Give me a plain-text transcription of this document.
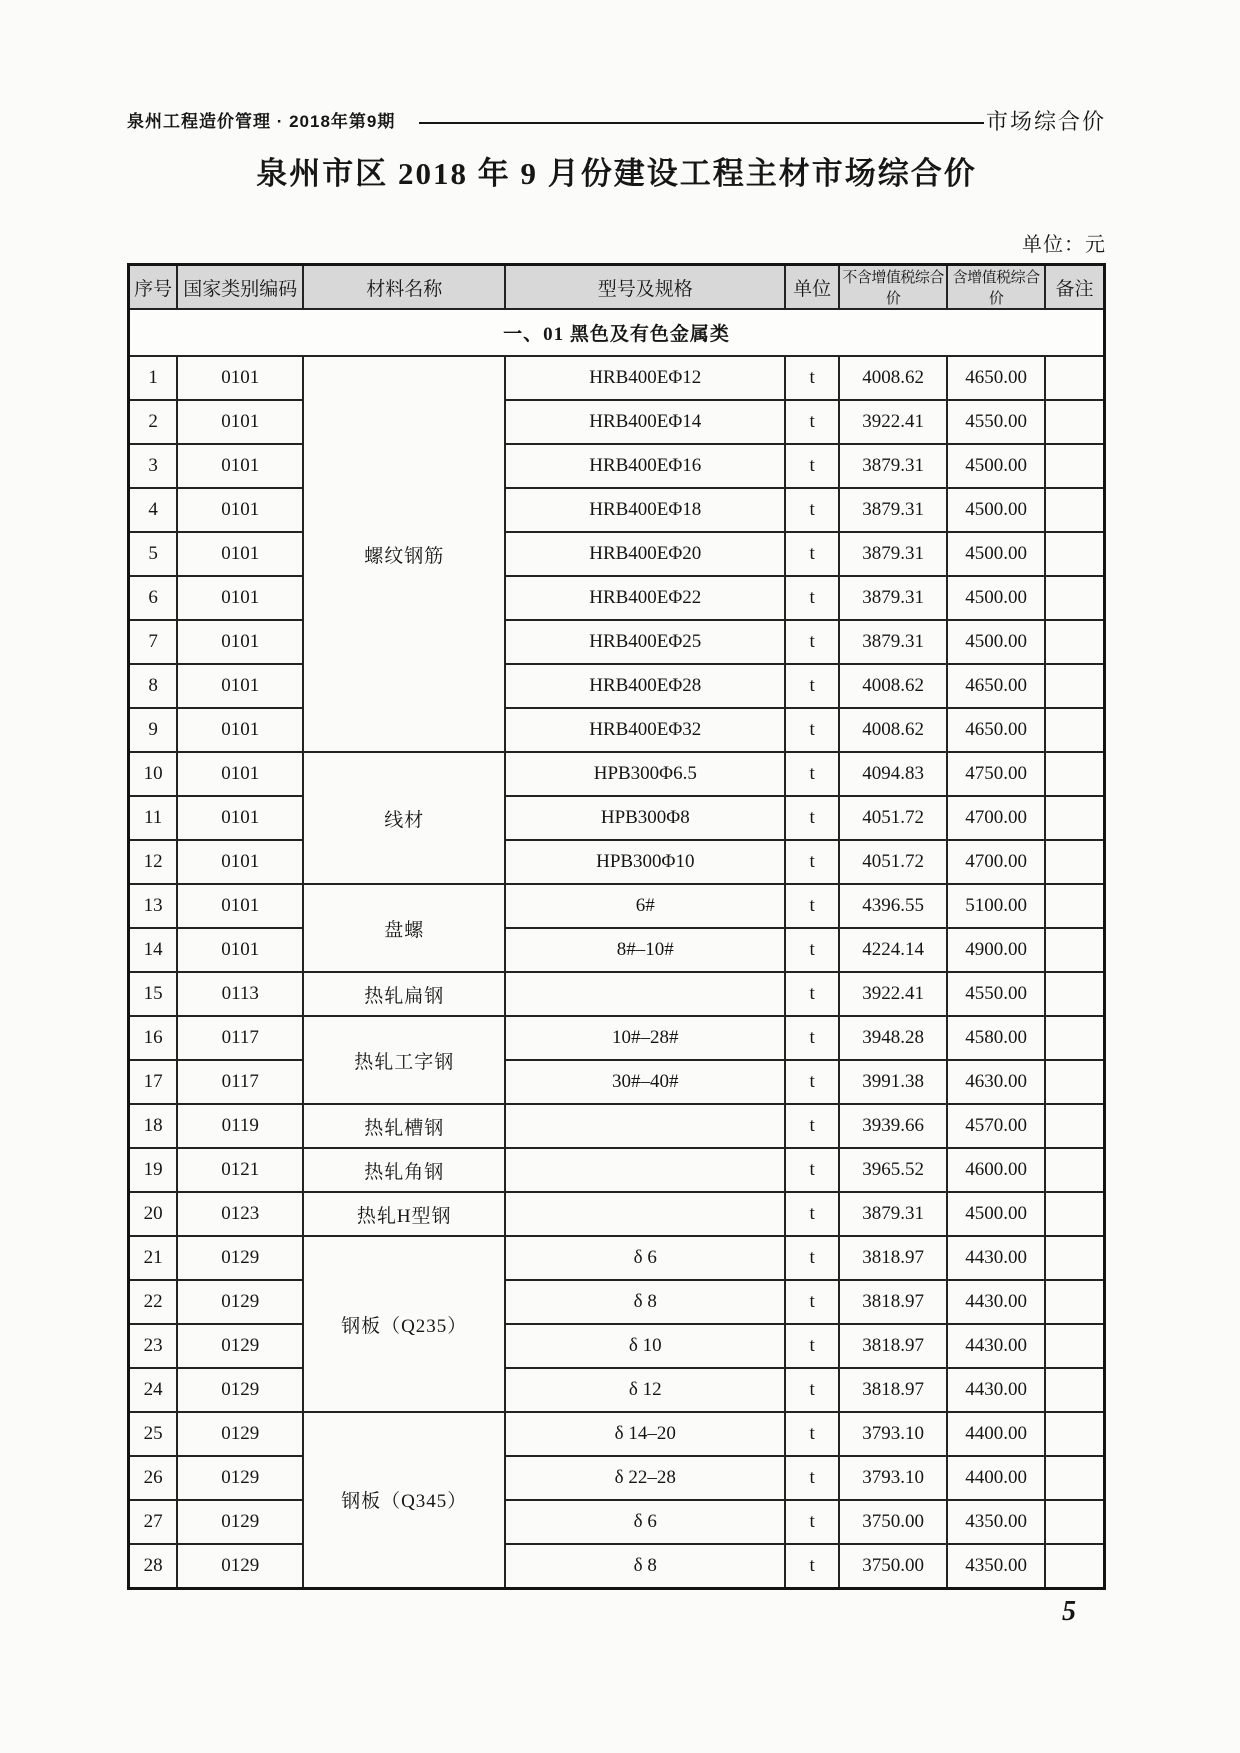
泉州工程造价管理 · 2018年第9期	市场综合价
泉州市区 2018 年 9 月份建设工程主材市场综合价
单位：元
序号	国家类别编码	材料名称	型号及规格	单位	不含增值税综合价	含增值税综合价	备注
一、01 黑色及有色金属类							
1	0101	螺纹钢筋	HRB400EΦ12	t	4008.62	4650.00	
2	0101		HRB400EΦ14	t	3922.41	4550.00	
3	0101		HRB400EΦ16	t	3879.31	4500.00	
4	0101		HRB400EΦ18	t	3879.31	4500.00	
5	0101		HRB400EΦ20	t	3879.31	4500.00	
6	0101		HRB400EΦ22	t	3879.31	4500.00	
7	0101		HRB400EΦ25	t	3879.31	4500.00	
8	0101		HRB400EΦ28	t	4008.62	4650.00	
9	0101		HRB400EΦ32	t	4008.62	4650.00	
10	0101	线材	HPB300Φ6.5	t	4094.83	4750.00	
11	0101		HPB300Φ8	t	4051.72	4700.00	
12	0101		HPB300Φ10	t	4051.72	4700.00	
13	0101	盘螺	6#	t	4396.55	5100.00	
14	0101		8#–10#	t	4224.14	4900.00	
15	0113	热轧扁钢		t	3922.41	4550.00	
16	0117	热轧工字钢	10#–28#	t	3948.28	4580.00	
17	0117		30#–40#	t	3991.38	4630.00	
18	0119	热轧槽钢		t	3939.66	4570.00	
19	0121	热轧角钢		t	3965.52	4600.00	
20	0123	热轧H型钢		t	3879.31	4500.00	
21	0129	钢板（Q235）	δ 6	t	3818.97	4430.00	
22	0129		δ 8	t	3818.97	4430.00	
23	0129		δ 10	t	3818.97	4430.00	
24	0129		δ 12	t	3818.97	4430.00	
25	0129	钢板（Q345）	δ 14–20	t	3793.10	4400.00	
26	0129		δ 22–28	t	3793.10	4400.00	
27	0129		δ 6	t	3750.00	4350.00	
28	0129		δ 8	t	3750.00	4350.00	
5
